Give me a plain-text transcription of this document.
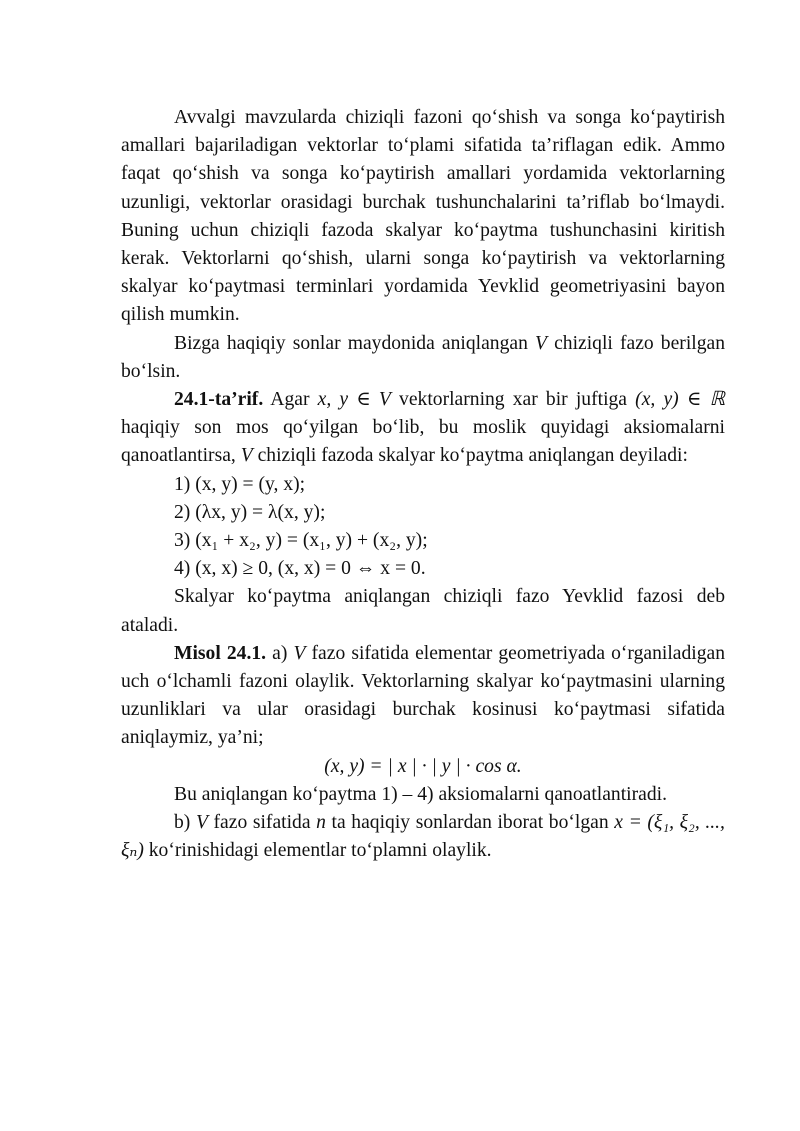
Avvalgi mavzularda chiziqli fazoni qo‘shish va songa ko‘paytirish amallari bajariladigan vektorlar to‘plami sifatida ta’riflagan edik. Ammo faqat qo‘shish va songa ko‘paytirish amallari yordamida vektorlarning uzunligi, vektorlar orasidagi burchak tushunchalarini ta’riflab bo‘lmaydi. Buning uchun chiziqli fazoda skalyar ko‘paytma tushunchasini kiritish kerak. Vektorlarni qo‘shish, ularni songa ko‘paytirish va vektorlarning skalyar ko‘paytmasi terminlari yordamida Yevklid geometriyasini bayon qilish mumkin.

Bizga haqiqiy sonlar maydonida aniqlangan V chiziqli fazo berilgan bo‘lsin.

24.1-ta’rif. Agar x, y ∈ V vektorlarning xar bir juftiga (x, y) ∈ ℝ haqiqiy son mos qo‘yilgan bo‘lib, bu moslik quyidagi aksiomalarni qanoatlantirsa, V chiziqli fazoda skalyar ko‘paytma aniqlangan deyiladi:

1) (x, y) = (y, x);

2) (λx, y) = λ(x, y);

3) (x₁ + x₂, y) = (x₁, y) + (x₂, y);

4) (x, x) ≥ 0, (x, x) = 0 ⇔ x = 0.

Skalyar ko‘paytma aniqlangan chiziqli fazo Yevklid fazosi deb ataladi.

Misol 24.1. a) V fazo sifatida elementar geometriyada o‘rganiladigan uch o‘lchamli fazoni olaylik. Vektorlarning skalyar ko‘paytmasini ularning uzunliklari va ular orasidagi burchak kosinusi ko‘paytmasi sifatida aniqlaymiz, ya’ni;

(x, y) = | x | · | y | · cos α.

Bu aniqlangan ko‘paytma 1) – 4) aksiomalarni qanoatlantiradi.

b) V fazo sifatida n ta haqiqiy sonlardan iborat bo‘lgan x = (ξ₁, ξ₂, ..., ξₙ) ko‘rinishidagi elementlar to‘plamni olaylik.
